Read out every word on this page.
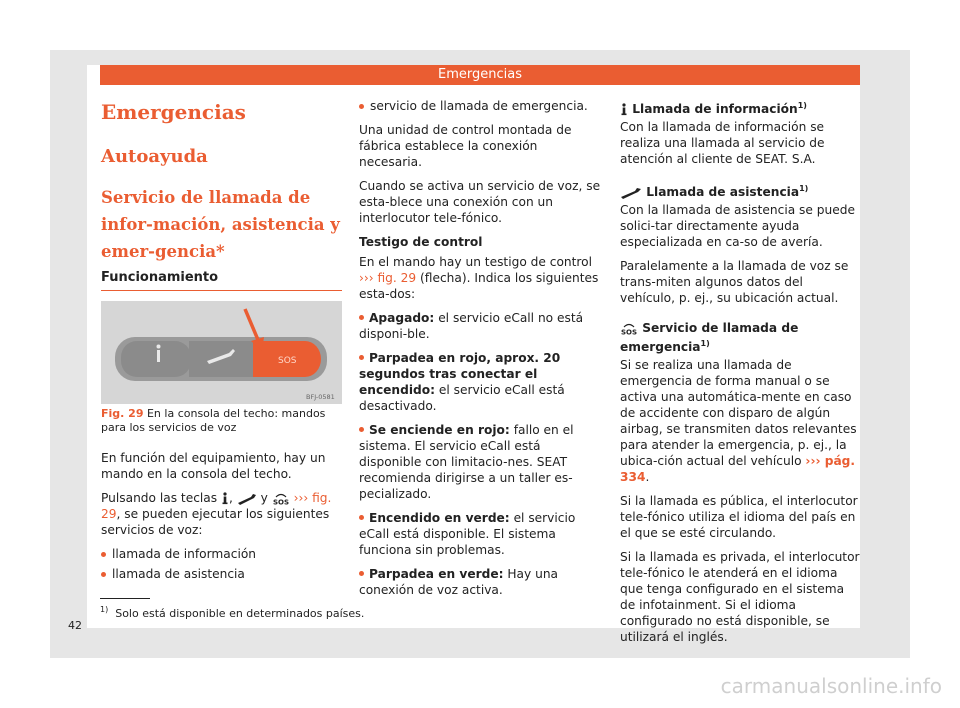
Emergencias
Emergencias
Autoayuda
Servicio de llamada de infor-mación, asistencia y emer-gencia*
Funcionamiento
SOS
BFJ-0581
Fig. 29 En la consola del techo: mandos para los servicios de voz

En función del equipamiento, hay un mando en la consola del techo.

Pulsando las teclas , y SOS ››› fig. 29, se pueden ejecutar los siguientes servicios de voz:

llamada de información

llamada de asistencia

servicio de llamada de emergencia.

Una unidad de control montada de fábrica establece la conexión necesaria.

Cuando se activa un servicio de voz, se esta-blece una conexión con un interlocutor tele-fónico.

Testigo de control

En el mando hay un testigo de control
››› fig. 29 (flecha). Indica los siguientes esta-dos:

Apagado: el servicio eCall no está disponi-ble.

Parpadea en rojo, aprox. 20 segundos tras conectar el encendido: el servicio eCall está desactivado.

Se enciende en rojo: fallo en el sistema. El servicio eCall está disponible con limitacio-nes. SEAT recomienda dirigirse a un taller es-pecializado.

Encendido en verde: el servicio eCall está disponible. El sistema funciona sin problemas.

Parpadea en verde: Hay una conexión de voz activa.

Llamada de información$^{1)}$

Con la llamada de información se realiza una llamada al servicio de atención al cliente de SEAT. S.A.

Llamada de asistencia$^{1)}$

Con la llamada de asistencia se puede solici-tar directamente ayuda especializada en ca-so de avería.

Paralelamente a la llamada de voz se trans-miten algunos datos del vehículo, p. ej., su ubicación actual.

SOS Servicio de llamada de emergencia$^{1)}$

Si se realiza una llamada de emergencia de forma manual o se activa una automática-mente en caso de accidente con disparo de algún airbag, se transmiten datos relevantes para atender la emergencia, p. ej., la ubica-ción actual del vehículo ››› pág. 334.

Si la llamada es pública, el interlocutor tele-fónico utiliza el idioma del país en el que se esté circulando.

Si la llamada es privada, el interlocutor tele-fónico le atenderá en el idioma que tenga configurado en el sistema de infotainment. Si el idioma configurado no está disponible, se utilizará el inglés.

$^{1)}$ Solo está disponible en determinados países.
42
carmanualsonline.info
